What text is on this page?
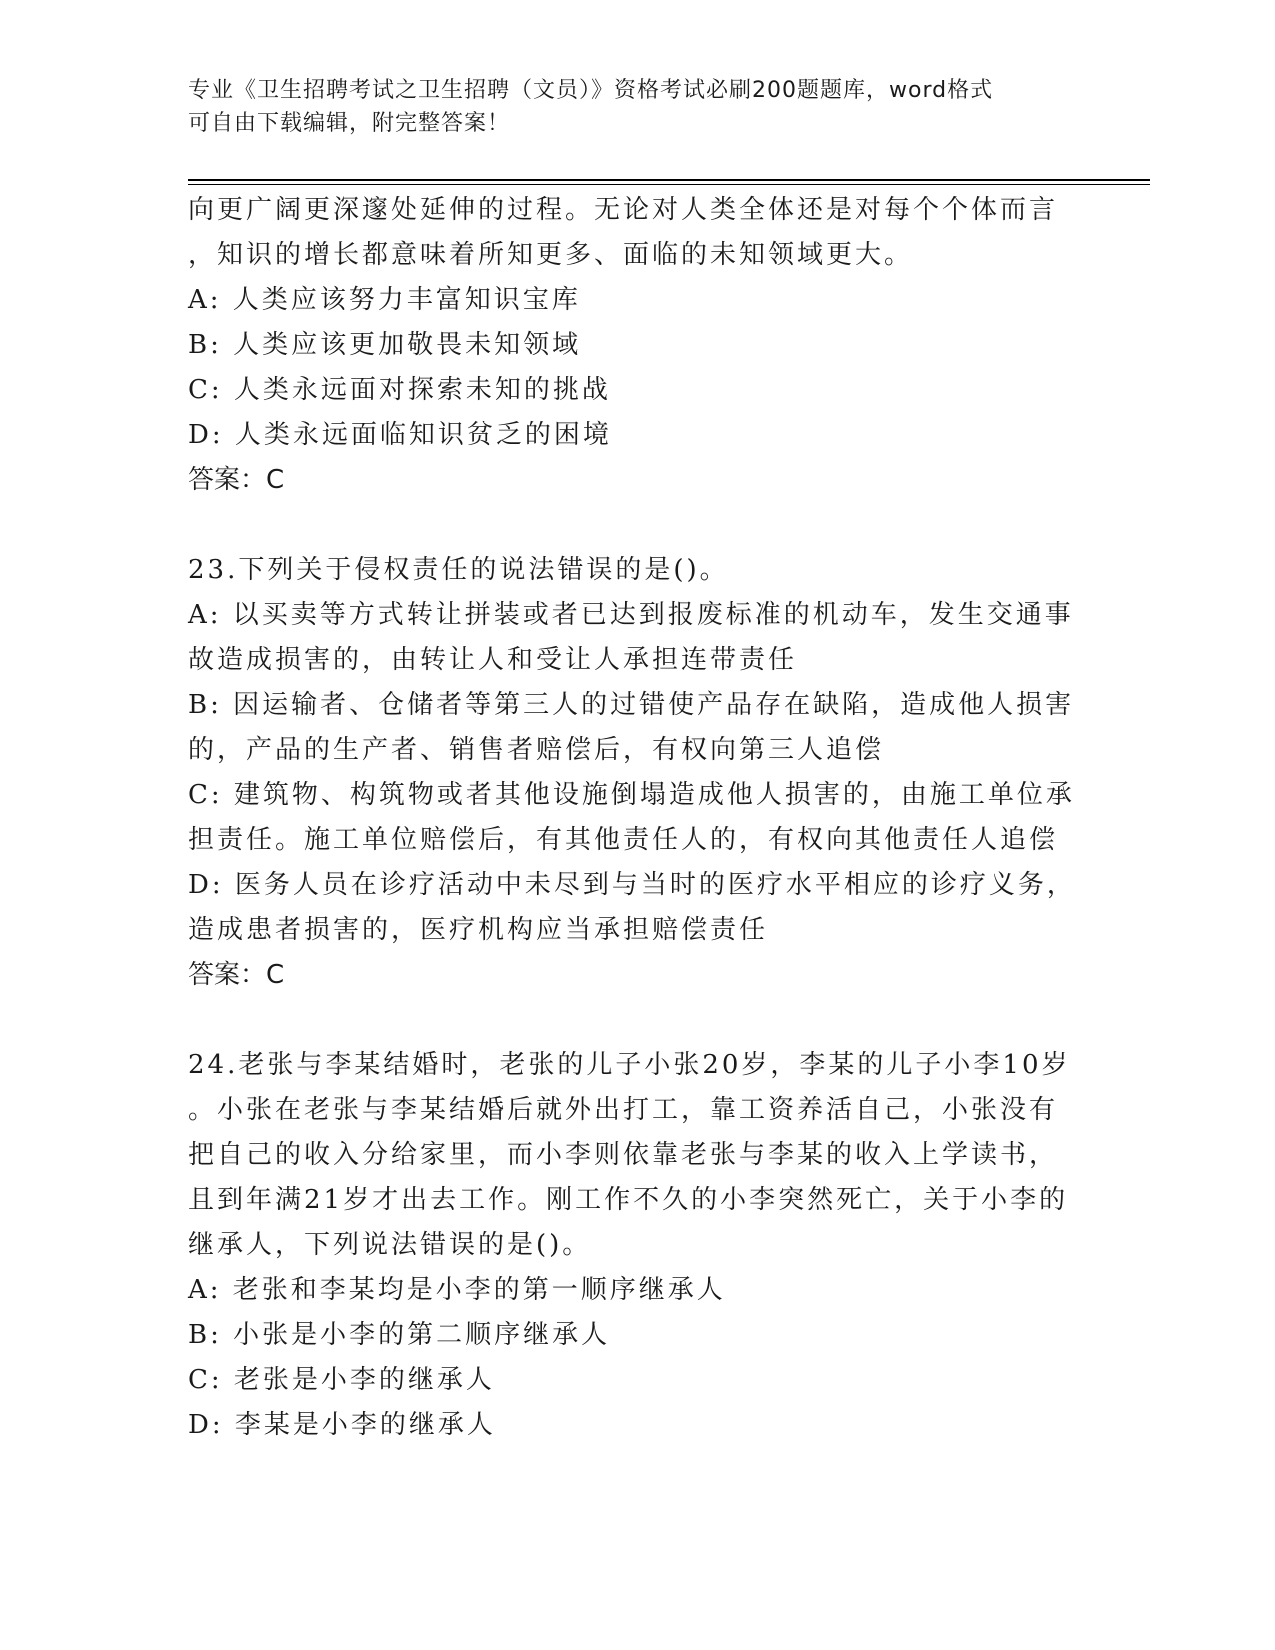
专业《卫生招聘考试之卫生招聘（文员）》资格考试必刷200题题库，word格式
可自由下载编辑，附完整答案！
向更广阔更深邃处延伸的过程。无论对人类全体还是对每个个体而言
，知识的增长都意味着所知更多、面临的未知领域更大。
A: 人类应该努力丰富知识宝库
B: 人类应该更加敬畏未知领域
C: 人类永远面对探索未知的挑战
D: 人类永远面临知识贫乏的困境
答案：C
23.下列关于侵权责任的说法错误的是()。
A: 以买卖等方式转让拼装或者已达到报废标准的机动车，发生交通事
故造成损害的，由转让人和受让人承担连带责任
B: 因运输者、仓储者等第三人的过错使产品存在缺陷，造成他人损害
的，产品的生产者、销售者赔偿后，有权向第三人追偿
C: 建筑物、构筑物或者其他设施倒塌造成他人损害的，由施工单位承
担责任。施工单位赔偿后，有其他责任人的，有权向其他责任人追偿
D: 医务人员在诊疗活动中未尽到与当时的医疗水平相应的诊疗义务，
造成患者损害的，医疗机构应当承担赔偿责任
答案：C
24.老张与李某结婚时，老张的儿子小张20岁，李某的儿子小李10岁
。小张在老张与李某结婚后就外出打工，靠工资养活自己，小张没有
把自己的收入分给家里，而小李则依靠老张与李某的收入上学读书，
且到年满21岁才出去工作。刚工作不久的小李突然死亡，关于小李的
继承人，下列说法错误的是()。
A: 老张和李某均是小李的第一顺序继承人
B: 小张是小李的第二顺序继承人
C: 老张是小李的继承人
D: 李某是小李的继承人
